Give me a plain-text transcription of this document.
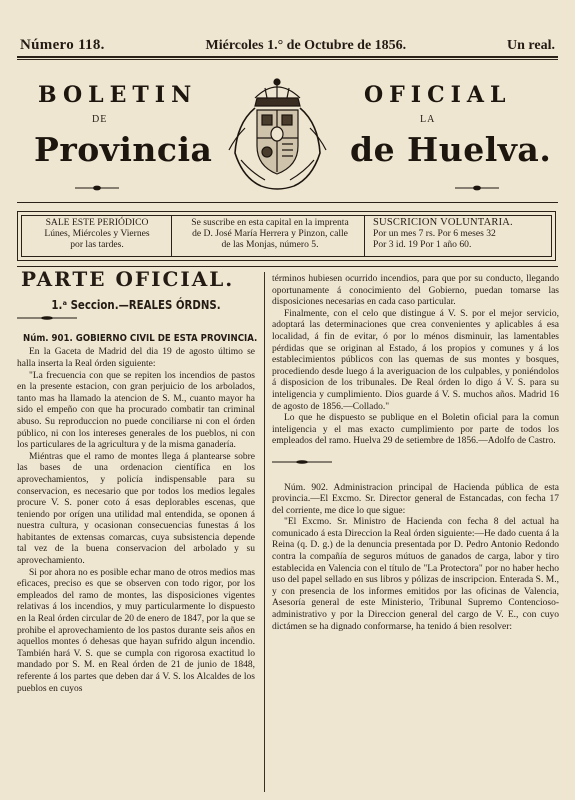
Número 118.	Miércoles 1.° de Octubre de 1856.	Un real.
BOLETIN
DE
OFICIAL
LA
Provincia	de Huelva.
SALE ESTE PERIÓDICO
Lúnes, Miércoles y Viernes
por las tardes.
Se suscribe en esta capital en la imprenta
de D. José María Herrera y Pinzon, calle
de las Monjas, número 5.
SUSCRICION VOLUNTARIA.
Por un mes 7 rs. Por 6 meses 32
Por 3 id. 19 Por 1 año 60.
PARTE OFICIAL.
1.ᵃ Seccion.—REALES ÓRDNS.
Núm. 901. GOBIERNO CIVIL DE ESTA PROVINCIA.

En la Gaceta de Madrid del dia 19 de agosto último se halla inserta la Real órden siguiente:

"La frecuencia con que se repiten los incendios de pastos en la presente estacion, con gran perjuicio de los arbolados, tanto mas ha llamado la atencion de S. M., cuanto mayor ha sido el empeño con que ha procurado combatir tan criminal abuso. Su reproduccion no puede conciliarse ni con el órden público, ni con los intereses generales de los pueblos, ni con los particulares de la agricultura y de la misma ganadería.

Miéntras que el ramo de montes llega á plantearse sobre las bases de una ordenacion científica en los aprovechamientos, y policía indispensable para su conservacion, es necesario que por todos los medios legales procure V. S. poner coto á esas deplorables escenas, que teniendo por orígen una utilidad mal entendida, se oponen á nuestra cultura, y ocasionan consecuencias funestas á los habitantes de extensas comarcas, cuya subsistencia depende tal vez de la buena conservacion del arbolado y su aprovechamiento.

Si por ahora no es posible echar mano de otros medios mas eficaces, preciso es que se observen con todo rigor, por los empleados del ramo de montes, las disposiciones vigentes relativas á los incendios, y muy particularmente lo dispuesto en la Real órden circular de 20 de enero de 1847, por la que se prohibe el aprovechamiento de los pastos durante seis años en aquellos montes ó dehesas que hayan sufrido algun incendio. También hará V. S. que se cumpla con rigorosa exactitud lo mandado por S. M. en Real órden de 21 de junio de 1848, referente á los partes que deben dar á V. S. los Alcaldes de los pueblos en cuyos

términos hubiesen ocurrido incendios, para que por su conducto, llegando oportunamente á conocimiento del Gobierno, puedan tomarse las disposiciones necesarias en cada caso particular.

Finalmente, con el celo que distingue á V. S. por el mejor servicio, adoptará las determinaciones que crea convenientes y aplicables á esa localidad, á fin de evitar, ó por lo ménos disminuir, las lamentables pérdidas que se originan al Estado, á los propios y comunes y á los establecimientos públicos con las quemas de sus montes y bosques, procediendo desde luego á la averiguacion de los culpables, y poniéndolos á disposicion de los tribunales. De Real órden lo digo á V. S. para su inteligencia y cumplimiento. Dios guarde á V. S. muchos años. Madrid 16 de agosto de 1856.—Collado."

Lo que he dispuesto se publique en el Boletin oficial para la comun inteligencia y el mas exacto cumplimiento por parte de todos los empleados del ramo. Huelva 29 de setiembre de 1856.—Adolfo de Castro.

Núm. 902. Administracion principal de Hacienda pública de esta provincia.—El Excmo. Sr. Director general de Estancadas, con fecha 17 del corriente, me dice lo que sigue:

"El Excmo. Sr. Ministro de Hacienda con fecha 8 del actual ha comunicado á esta Direccion la Real órden siguiente:—He dado cuenta á la Reina (q. D. g.) de la denuncia presentada por D. Pedro Antonio Redondo contra la compañía de seguros mútuos de ganados de carga, labor y tiro establecida en Valencia con el título de "La Protectora" por no haber hecho uso del papel sellado en sus libros y pólizas de inscripcion. Enterada S. M., y con presencia de los informes emitidos por las oficinas de Valencia, Asesoría general de este Ministerio, Tribunal Supremo Contencioso-administrativo y por la Direccion general del cargo de V. E., con cuyo dictámen se ha dignado conformarse, ha tenido á bien resolver:
